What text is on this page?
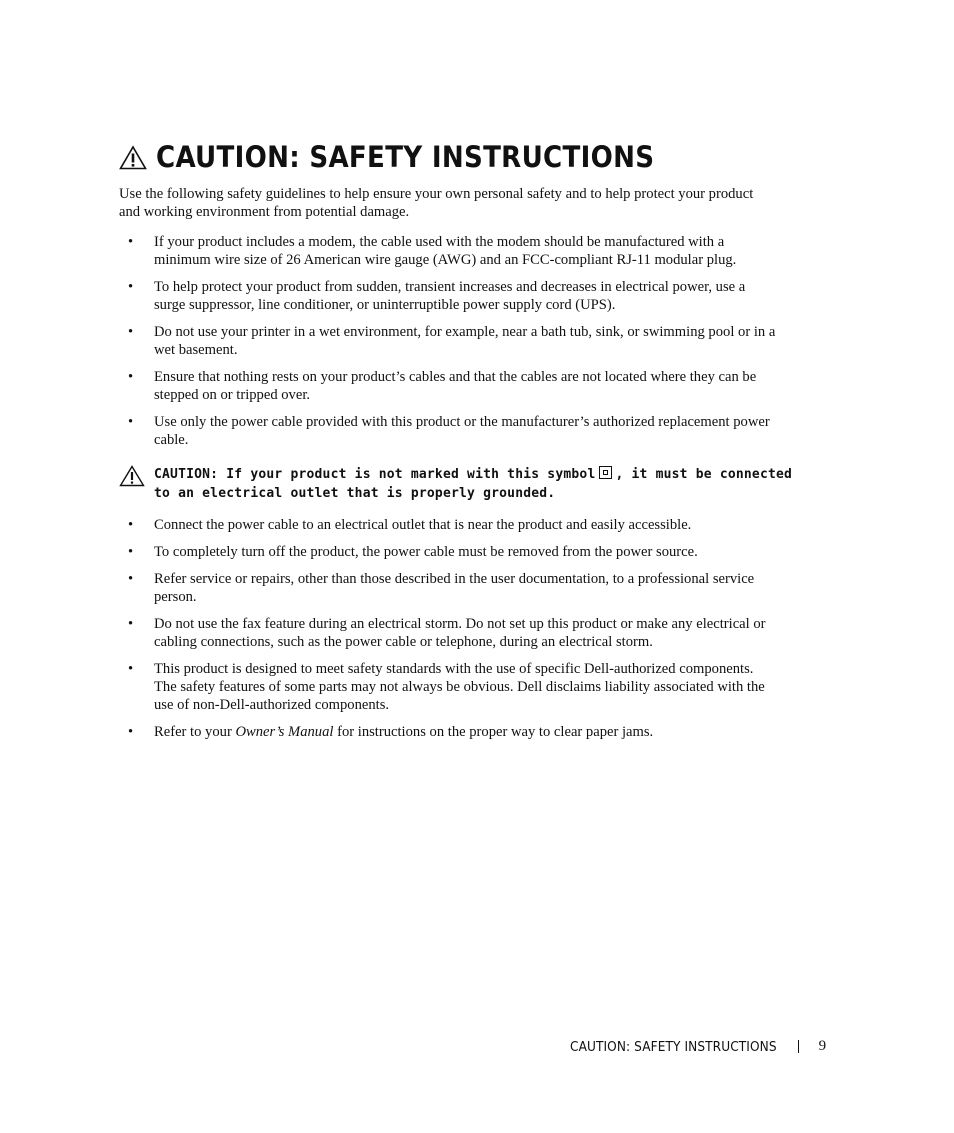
CAUTION: SAFETY INSTRUCTIONS

Use the following safety guidelines to help ensure your own personal safety and to help protect your product and working environment from potential damage.

• If your product includes a modem, the cable used with the modem should be manufactured with a minimum wire size of 26 American wire gauge (AWG) and an FCC-compliant RJ-11 modular plug.
• To help protect your product from sudden, transient increases and decreases in electrical power, use a surge suppressor, line conditioner, or uninterruptible power supply cord (UPS).
• Do not use your printer in a wet environment, for example, near a bath tub, sink, or swimming pool or in a wet basement.
• Ensure that nothing rests on your product’s cables and that the cables are not located where they can be stepped on or tripped over.
• Use only the power cable provided with this product or the manufacturer’s authorized replacement power cable.
CAUTION: If your product is not marked with this symbol , it must be connected to an electrical outlet that is properly grounded.
• Connect the power cable to an electrical outlet that is near the product and easily accessible.
• To completely turn off the product, the power cable must be removed from the power source.
• Refer service or repairs, other than those described in the user documentation, to a professional service person.
• Do not use the fax feature during an electrical storm. Do not set up this product or make any electrical or cabling connections, such as the power cable or telephone, during an electrical storm.
• This product is designed to meet safety standards with the use of specific Dell-authorized components. The safety features of some parts may not always be obvious. Dell disclaims liability associated with the use of non-Dell-authorized components.
• Refer to your Owner’s Manual for instructions on the proper way to clear paper jams.
CAUTION: SAFETY INSTRUCTIONS	9
